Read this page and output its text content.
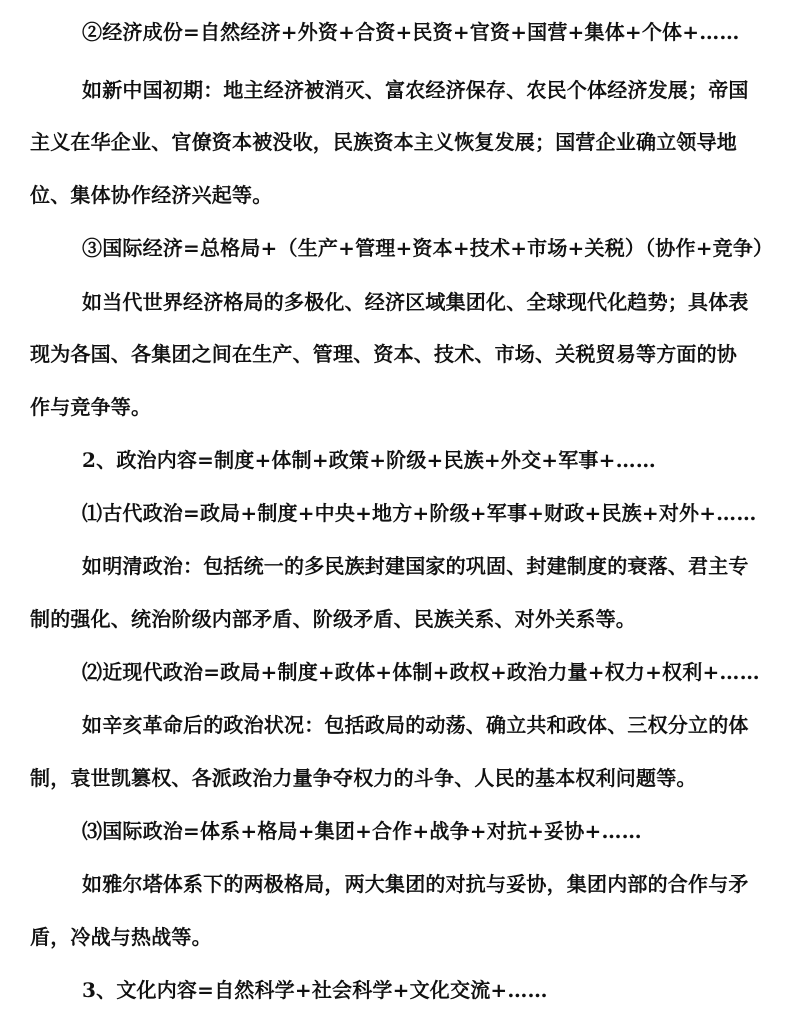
②经济成份=自然经济+外资+合资+民资+官资+国营+集体+个体+……
如新中国初期：地主经济被消灭、富农经济保存、农民个体经济发展；帝国
主义在华企业、官僚资本被没收，民族资本主义恢复发展；国营企业确立领导地
位、集体协作经济兴起等。
③国际经济=总格局+（生产+管理+资本+技术+市场+关税）（协作+竞争）
如当代世界经济格局的多极化、经济区域集团化、全球现代化趋势；具体表
现为各国、各集团之间在生产、管理、资本、技术、市场、关税贸易等方面的协
作与竞争等。
2、政治内容=制度+体制+政策+阶级+民族+外交+军事+……
⑴古代政治=政局+制度+中央+地方+阶级+军事+财政+民族+对外+……
如明清政治：包括统一的多民族封建国家的巩固、封建制度的衰落、君主专
制的强化、统治阶级内部矛盾、阶级矛盾、民族关系、对外关系等。
⑵近现代政治=政局+制度+政体+体制+政权+政治力量+权力+权利+……
如辛亥革命后的政治状况：包括政局的动荡、确立共和政体、三权分立的体
制，袁世凯篡权、各派政治力量争夺权力的斗争、人民的基本权利问题等。
⑶国际政治=体系+格局+集团+合作+战争+对抗+妥协+……
如雅尔塔体系下的两极格局，两大集团的对抗与妥协，集团内部的合作与矛
盾，冷战与热战等。
3、文化内容=自然科学+社会科学+文化交流+……
